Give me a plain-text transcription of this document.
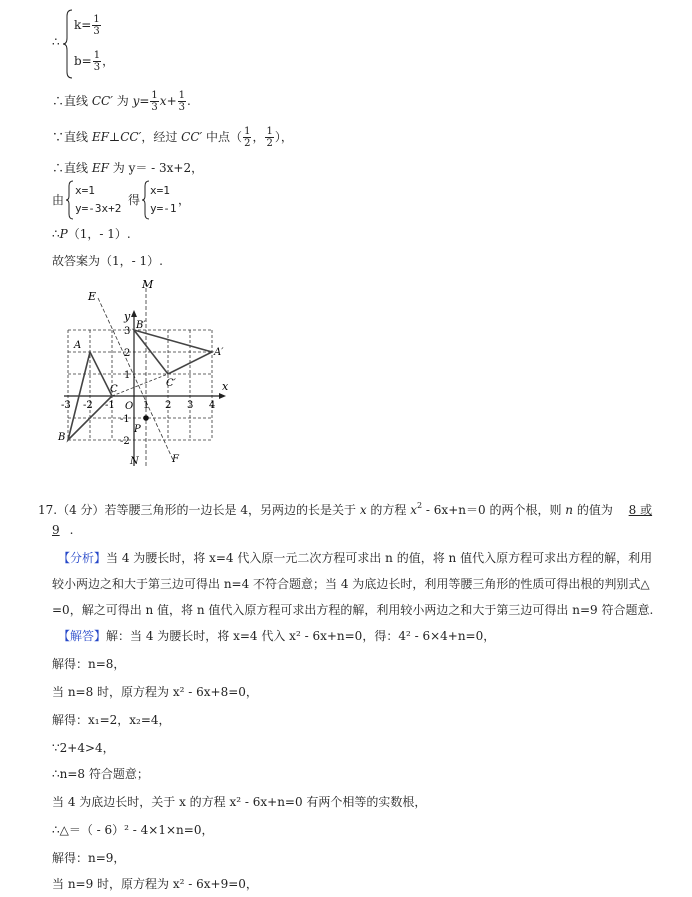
∴
$k= \frac{1}{3}$
$b= \frac{1}{3}$ ，
∴直线 CC′ 为 $y= \frac{1}{3} x+ \frac{1}{3}$ .
∵直线 EF⊥CC′，经过 CC′ 中点（ $\frac{1}{2}$ ， $\frac{1}{2}$ ），
∴直线 EF 为 y＝ - 3x+2，
由
x=1
y=-3x+2
得
x=1
y=-1
，
∴P（1，- 1）.
故答案为（1，- 1）.
E
M
y
B′
A
A′
C
C′
O
x
P
B
N	F
-3 -2 -1	1 2 3 4
3
2
1
-1
-2
17.（4 分）若等腰三角形的一边长是 4，另两边的长是关于 x 的方程 $x^2 - 6x+n=0$ 的两个根，则 n 的值为 8 或
9 .
【分析】当 4 为腰长时，将 x=4 代入原一元二次方程可求出 n 的值，将 n 值代入原方程可求出方程的解，利用
较小两边之和大于第三边可得出 n=4 不符合题意；当 4 为底边长时，利用等腰三角形的性质可得出根的判别式△
=0，解之可得出 n 值，将 n 值代入原方程可求出方程的解，利用较小两边之和大于第三边可得出 n=9 符合题意.
【解答】解：当 4 为腰长时，将 x=4 代入 x² - 6x+n=0，得：4² - 6×4+n=0，
解得：n=8，
当 n=8 时，原方程为 x² - 6x+8=0，
解得：x₁=2，x₂=4，
∵2+4>4，
∴n=8 符合题意；
当 4 为底边长时，关于 x 的方程 x² - 6x+n=0 有两个相等的实数根，
∴△＝（ - 6）² - 4×1×n=0，
解得：n=9，
当 n=9 时，原方程为 x² - 6x+9=0，
